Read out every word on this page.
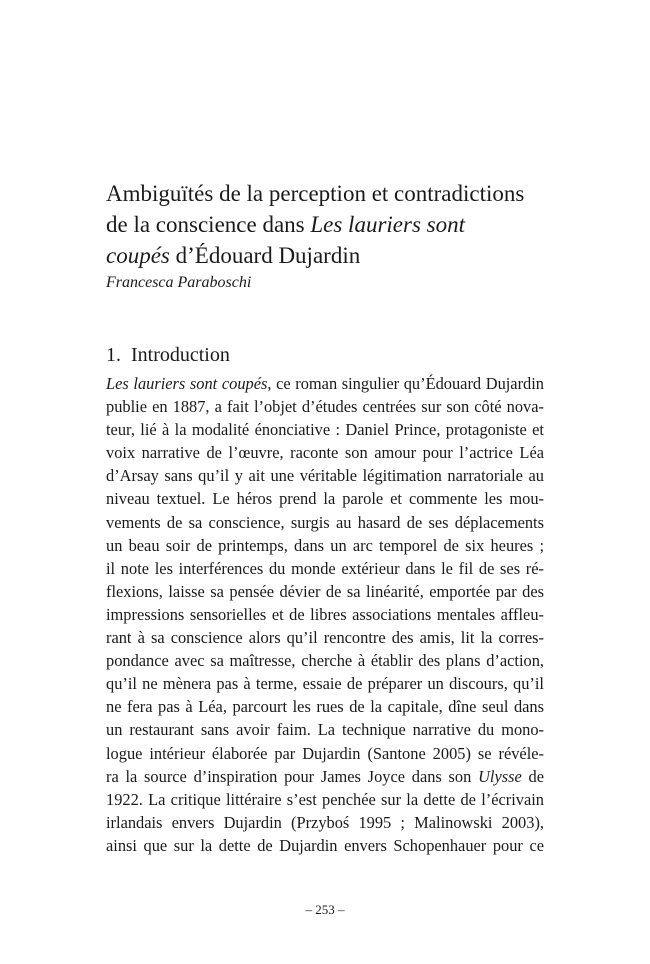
Ambiguïtés de la perception et contradictions
de la conscience dans Les lauriers sont
coupés d’Édouard Dujardin

Francesca Paraboschi

1. Introduction
Les lauriers sont coupés, ce roman singulier qu’Édouard Dujardin
publie en 1887, a fait l’objet d’études centrées sur son côté nova-
teur, lié à la modalité énonciative : Daniel Prince, protagoniste et
voix narrative de l’œuvre, raconte son amour pour l’actrice Léa
d’Arsay sans qu’il y ait une véritable légitimation narratoriale au
niveau textuel. Le héros prend la parole et commente les mou-
vements de sa conscience, surgis au hasard de ses déplacements
un beau soir de printemps, dans un arc temporel de six heures ;
il note les interférences du monde extérieur dans le fil de ses ré-
flexions, laisse sa pensée dévier de sa linéarité, emportée par des
impressions sensorielles et de libres associations mentales afflеu-
rant à sa conscience alors qu’il rencontre des amis, lit la corres-
pondance avec sa maîtresse, cherche à établir des plans d’action,
qu’il ne mènera pas à terme, essaie de préparer un discours, qu’il
ne fera pas à Léa, parcourt les rues de la capitale, dîne seul dans
un restaurant sans avoir faim. La technique narrative du mono-
logue intérieur élaborée par Dujardin (Santone 2005) se révéle-
ra la source d’inspiration pour James Joyce dans son Ulysse de
1922. La critique littéraire s’est penchée sur la dette de l’écrivain
irlandais envers Dujardin (Przyboś 1995 ; Malinowski 2003),
ainsi que sur la dette de Dujardin envers Schopenhauer pour ce
– 253 –
